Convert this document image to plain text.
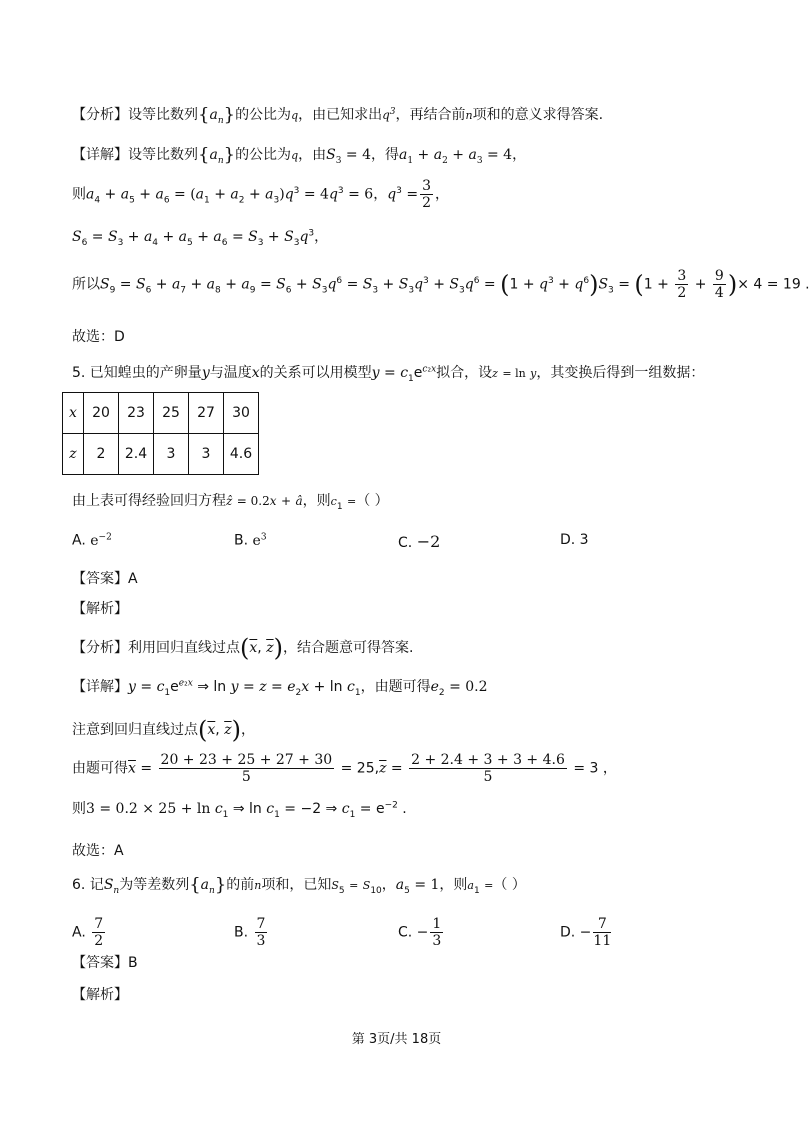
【分析】设等比数列$\{a_n\}$的公比为q，由已知求出$q^3$，再结合前n项和的意义求得答案.
【详解】设等比数列$\{a_n\}$的公比为q，由$S_3 = 4$，得$a_1 + a_2 + a_3 = 4$，
则$a_4 + a_5 + a_6 = (a_1 + a_2 + a_3)q^3 = 4q^3 = 6$，$q^3 = \frac{3}{2}$ ，
$S_6 = S_3 + a_4 + a_5 + a_6 = S_3 + S_3q^3$，
所以$S_9 = S_6 + a_7 + a_8 + a_9 = S_6 + S_3q^6 = S_3 + S_3q^3 + S_3q^6 = (1 + q^3 + q^6)S_3 = (1 + \frac{3}{2} + \frac{9}{4}$ )× 4 = 19 .
故选：D
5. 已知蝗虫的产卵量y与温度x的关系可以用模型$y = c_1e^{c_2x}$拟合，设z = ln y，其变换后得到一组数据：
x	20	23	25	27	30
z	2	2.4	3	3	4.6
由上表可得经验回归方程ẑ = 0.2x + â，则$c_1$ =（ ）
A. $e^{-2}$	B. $e^3$	C. −2	D. 3
【答案】A
【解析】
【分析】利用回归直线过点($\overline{x}$, $\overline{z}$)，结合题意可得答案.
【详解】$y = c_1e^{e_2x}$ ⇒ $\ln y = z = e_2x + \ln c_1$，由题可得$e_2 = 0.2$
注意到回归直线过点($\overline{x}$, $\overline{z}$)，
由题可得$\overline{x} = \frac{20 + 23 + 25 + 27 + 30}{5} = 25,\overline{z} = \frac{2 + 2.4 + 3 + 3 + 4.6}{5} = 3$ ，
则$3 = 0.2 \times 25 + \ln c_1$ ⇒ $\ln c_1 = -2$ ⇒ $c_1 = e^{-2}$ .
故选：A
6. 记$S_n$为等差数列$\{a_n\}$的前n项和，已知$S_5 = S_{10}$，$a_5 = 1$，则$a_1$ =（ ）
A. $\frac{7}{2}$	B. $\frac{7}{3}$	C. − $\frac{1}{3}$	D. − $\frac{7}{11}$
【答案】B
【解析】
第 3页/共 18页
